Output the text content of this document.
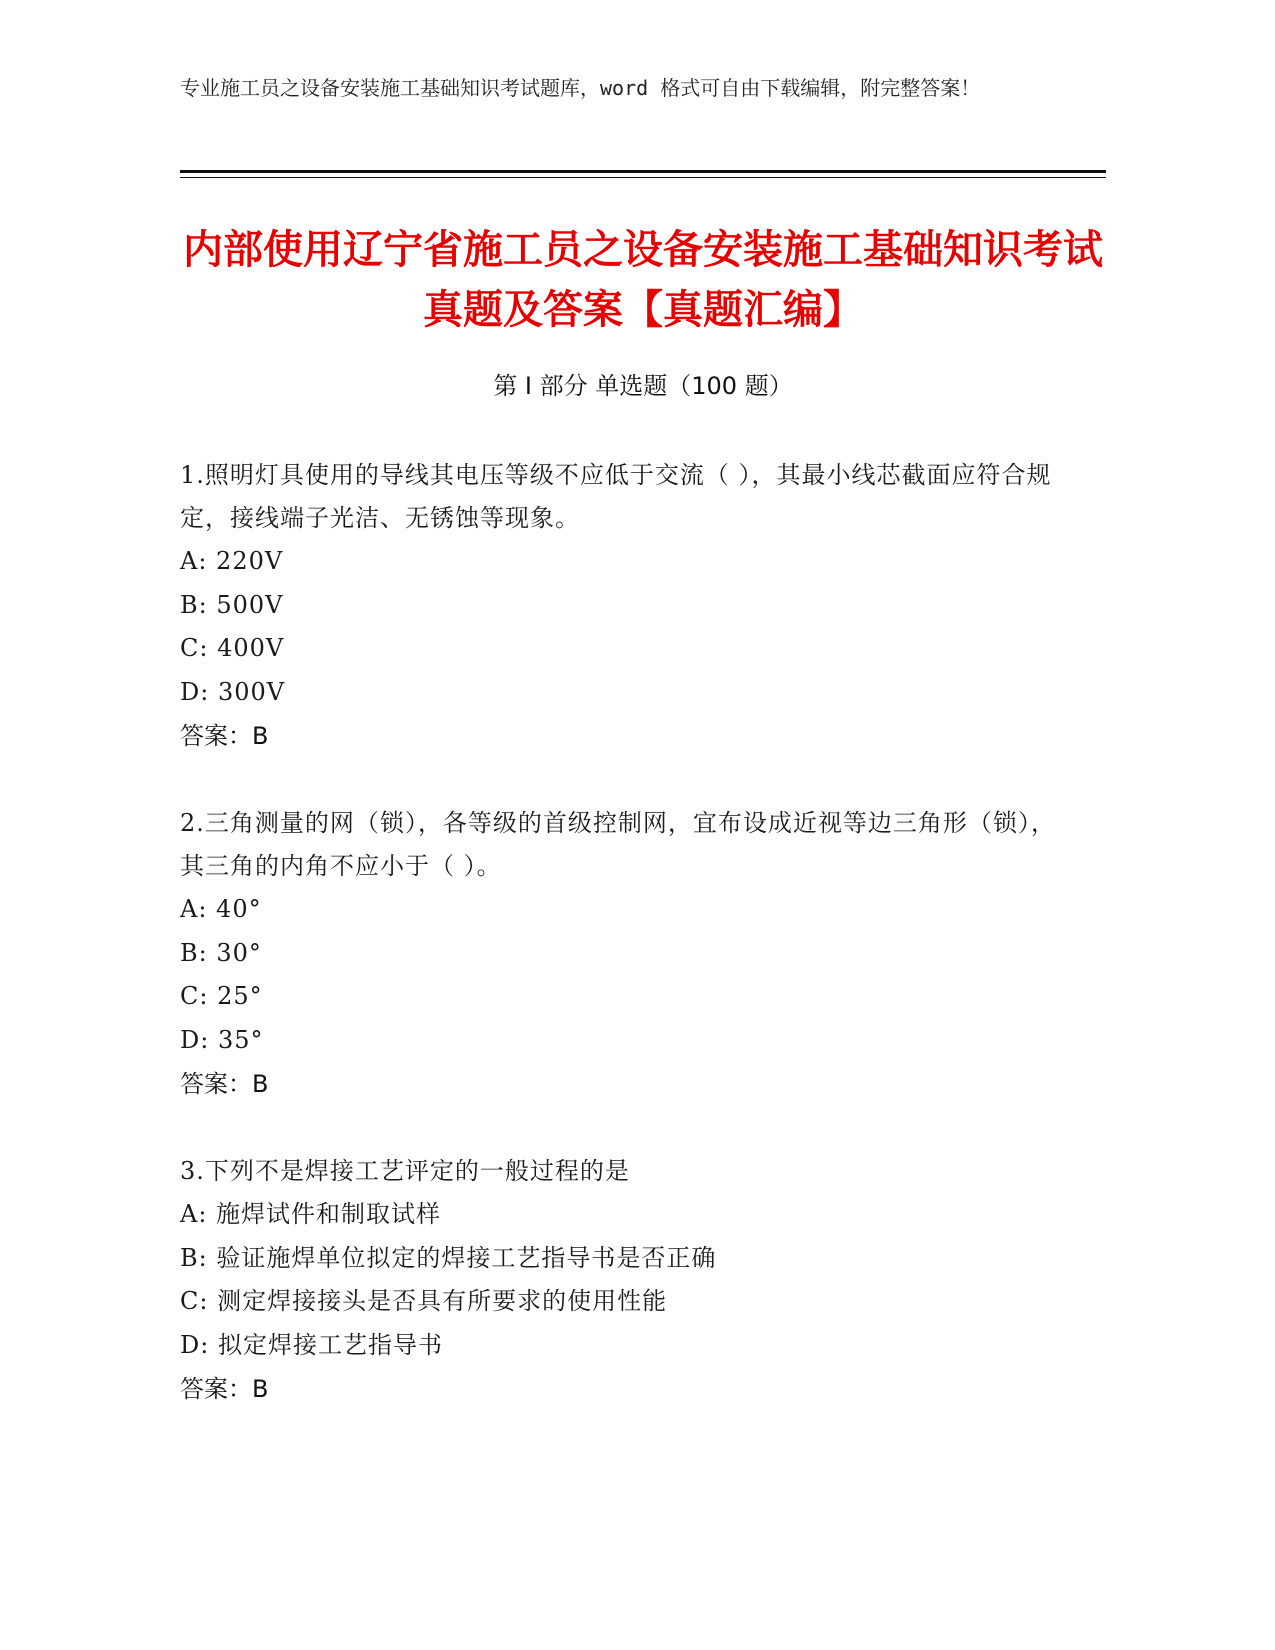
专业施工员之设备安装施工基础知识考试题库，word 格式可自由下载编辑，附完整答案！
内部使用辽宁省施工员之设备安装施工基础知识考试真题及答案【真题汇编】
第 I 部分 单选题（100 题）
1.照明灯具使用的导线其电压等级不应低于交流（ ），其最小线芯截面应符合规定，接线端子光洁、无锈蚀等现象。
A: 220V
B: 500V
C: 400V
D: 300V
答案：B
2.三角测量的网（锁），各等级的首级控制网，宜布设成近视等边三角形（锁），其三角的内角不应小于（ ）。
A: 40°
B: 30°
C: 25°
D: 35°
答案：B
3.下列不是焊接工艺评定的一般过程的是
A: 施焊试件和制取试样
B: 验证施焊单位拟定的焊接工艺指导书是否正确
C: 测定焊接接头是否具有所要求的使用性能
D: 拟定焊接工艺指导书
答案：B
